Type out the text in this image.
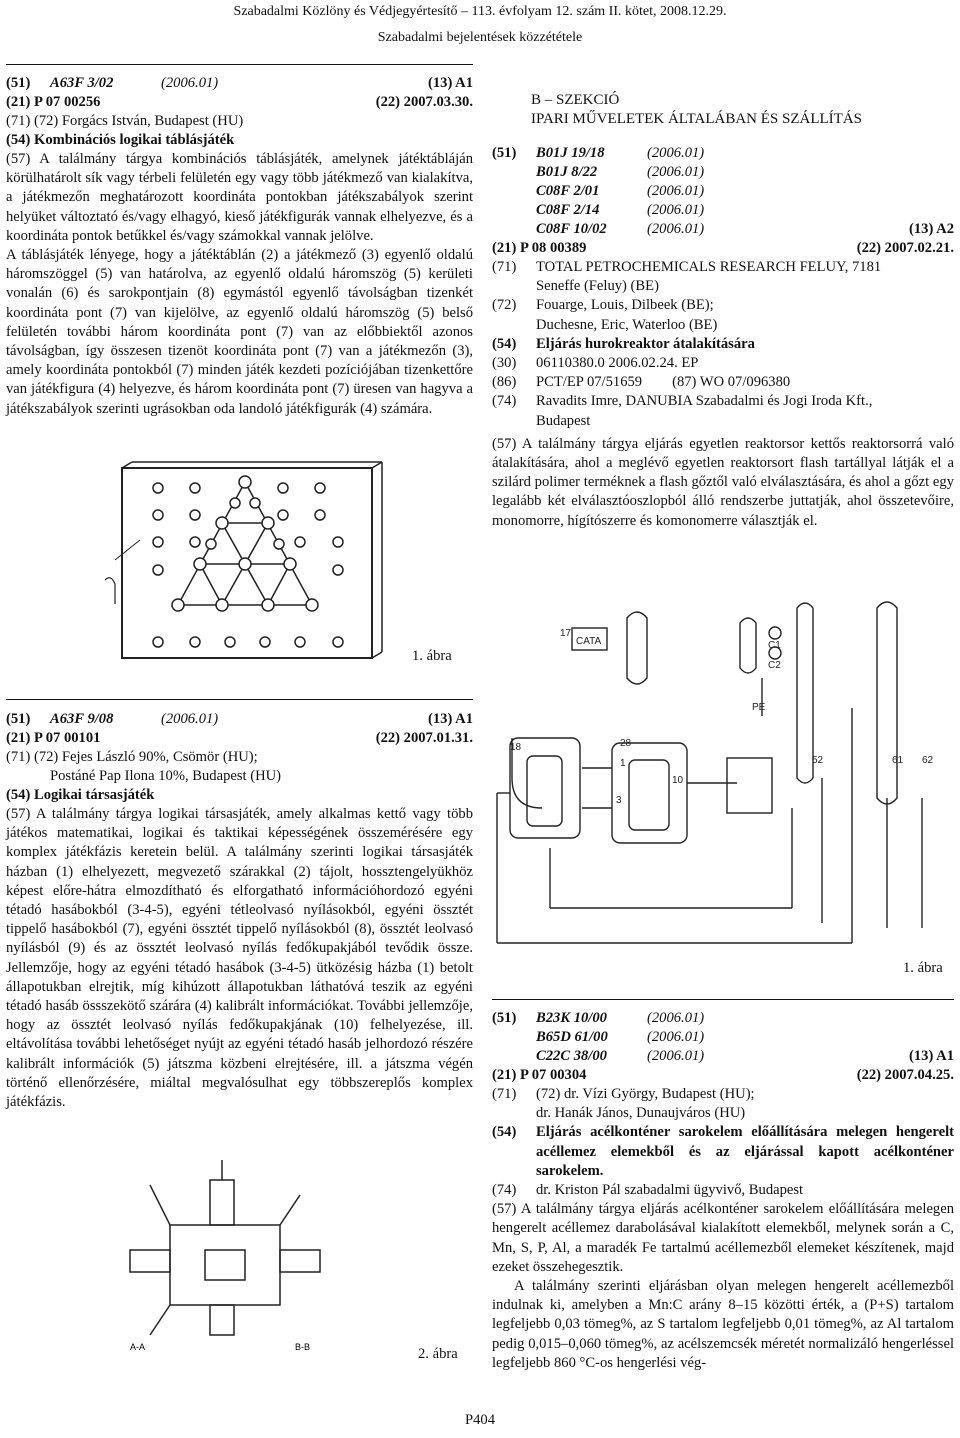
Szabadalmi Közlöny és Védjegyértesítő – 113. évfolyam 12. szám II. kötet, 2008.12.29.
Szabadalmi bejelentések közzététele
(51) A63F 3/02	(2006.01)	(13) A1
(21) P 07 00256	(22) 2007.03.30.
(71) (72) Forgács István, Budapest (HU)
(54) Kombinációs logikai táblásjáték

(57) A találmány tárgya kombinációs táblásjáték, amelynek játéktábláján körülhatárolt sík vagy térbeli felületén egy vagy több játékmező van kialakítva, a játékmezőn meghatározott koordináta pontokban játékszabályok szerint helyüket változtató és/vagy elhagyó, kieső játékfigurák vannak elhelyezve, és a koordináta pontok betűkkel és/vagy számokkal vannak jelölve.

A táblásjáték lényege, hogy a játéktáblán (2) a játékmező (3) egyenlő oldalú háromszöggel (5) van határolva, az egyenlő oldalú háromszög (5) kerületi vonalán (6) és sarokpontjain (8) egymástól egyenlő távolságban tizenkét koordináta pont (7) van kijelölve, az egyenlő oldalú háromszög (5) belső felületén további három koordináta pont (7) van az előbbiektől azonos távolságban, így összesen tizenöt koordináta pont (7) van a játékmezőn (3), amely koordináta pontokból (7) minden játék kezdeti pozíciójában tizenkettőre van játékfigura (4) helyezve, és három koordináta pont (7) üresen van hagyva a játékszabályok szerinti ugrásokban oda landoló játékfigurák (4) számára.

1. ábra
(51) A63F 9/08	(2006.01)	(13) A1
(21) P 07 00101	(22) 2007.01.31.
(71) (72) Fejes László 90%, Csömör (HU);
Postáné Pap Ilona 10%, Budapest (HU)
(54) Logikai társasjáték

(57) A találmány tárgya logikai társasjáték, amely alkalmas kettő vagy több játékos matematikai, logikai és taktikai képességének összemérésére egy komplex játékfázis keretein belül. A találmány szerinti logikai társasjáték házban (1) elhelyezett, megvezető szárakkal (2) tájolt, hossztengelyükhöz képest előre-hátra elmozdítható és elforgatható információhordozó egyéni tétadó hasábokból (3-4-5), egyéni tétleolvasó nyílásokból, egyéni össztét tippelő hasábokból (7), egyéni össztét tippelő nyílásokból (8), össztét leolvasó nyílásból (9) és az össztét leolvasó nyílás fedőkupakjából tevődik össze. Jellemzője, hogy az egyéni tétadó hasábok (3-4-5) ütközésig házba (1) betolt állapotukban elrejtik, míg kihúzott állapotukban láthatóvá teszik az egyéni tétadó hasáb össszekötő szárára (4) kalibrált információkat. További jellemzője, hogy az össztét leolvasó nyílás fedőkupakjának (10) felhelyezése, ill. eltávolítása további lehetőséget nyújt az egyéni tétadó hasáb jelhordozó részére kalibrált információk (5) játszma közbeni elrejtésére, ill. a játszma végén történő ellenőrzésére, miáltal megvalósulhat egy többszereplős komplex játékfázis.

A-A	B-B	2. ábra
B – SZEKCIÓ
IPARI MŰVELETEK ÁLTALÁBAN ÉS SZÁLLÍTÁS
(51) B01J 19/18	(2006.01)
B01J 8/22	(2006.01)
C08F 2/01	(2006.01)
C08F 2/14	(2006.01)
C08F 10/02	(2006.01)	(13) A2
(21) P 08 00389	(22) 2007.02.21.
(71)	TOTAL PETROCHEMICALS RESEARCH FELUY, 7181
Seneffe (Feluy) (BE)
(72)	Fouarge, Louis, Dilbeek (BE);
Duchesne, Eric, Waterloo (BE)
(54)	Eljárás hurokreaktor átalakítására
(30)	06110380.0 2006.02.24. EP
(86)	PCT/EP 07/51659 (87) WO 07/096380
(74)	Ravadits Imre, DANUBIA Szabadalmi és Jogi Iroda Kft.,
Budapest

(57) A találmány tárgya eljárás egyetlen reaktorsor kettős reaktorsorrá való átalakítására, ahol a meglévő egyetlen reaktorsort flash tartállyal látják el a szilárd polimer terméknek a flash gőztől való elválasztására, és ahol a gőzt egy legalább két elválasztóoszlopból álló rendszerbe juttatják, ahol összetevőire, monomorre, hígítószerre és komonomerre választják el.

17
CATA	C1
C2
PE
18	28
1
10
3
52	61 62
1. ábra
(51) B23K 10/00	(2006.01)
B65D 61/00	(2006.01)
C22C 38/00	(2006.01)	(13) A1
(21) P 07 00304	(22) 2007.04.25.
(71)	(72) dr. Vízi György, Budapest (HU);
dr. Hanák János, Dunaujváros (HU)
(54)	Eljárás acélkonténer sarokelem előállítására melegen hengerelt acéllemez elemekből és az eljárással kapott acélkonténer sarokelem.
(74)	dr. Kriston Pál szabadalmi ügyvivő, Budapest

(57) A találmány tárgya eljárás acélkonténer sarokelem előállítására melegen hengerelt acéllemez darabolásával kialakított elemekből, melynek során a C, Mn, S, P, Al, a maradék Fe tartalmú acéllemezből elemeket készítenek, majd ezeket összehegesztik.

A találmány szerinti eljárásban olyan melegen hengerelt acéllemezből indulnak ki, amelyben a Mn:C arány 8–15 közötti érték, a (P+S) tartalom legfeljebb 0,03 tömeg%, az S tartalom legfeljebb 0,01 tömeg%, az Al tartalom pedig 0,015–0,060 tömeg%, az acélszemcsék méretét normalizáló hengerléssel legfeljebb 860 °C-os hengerlési vég-

P404
